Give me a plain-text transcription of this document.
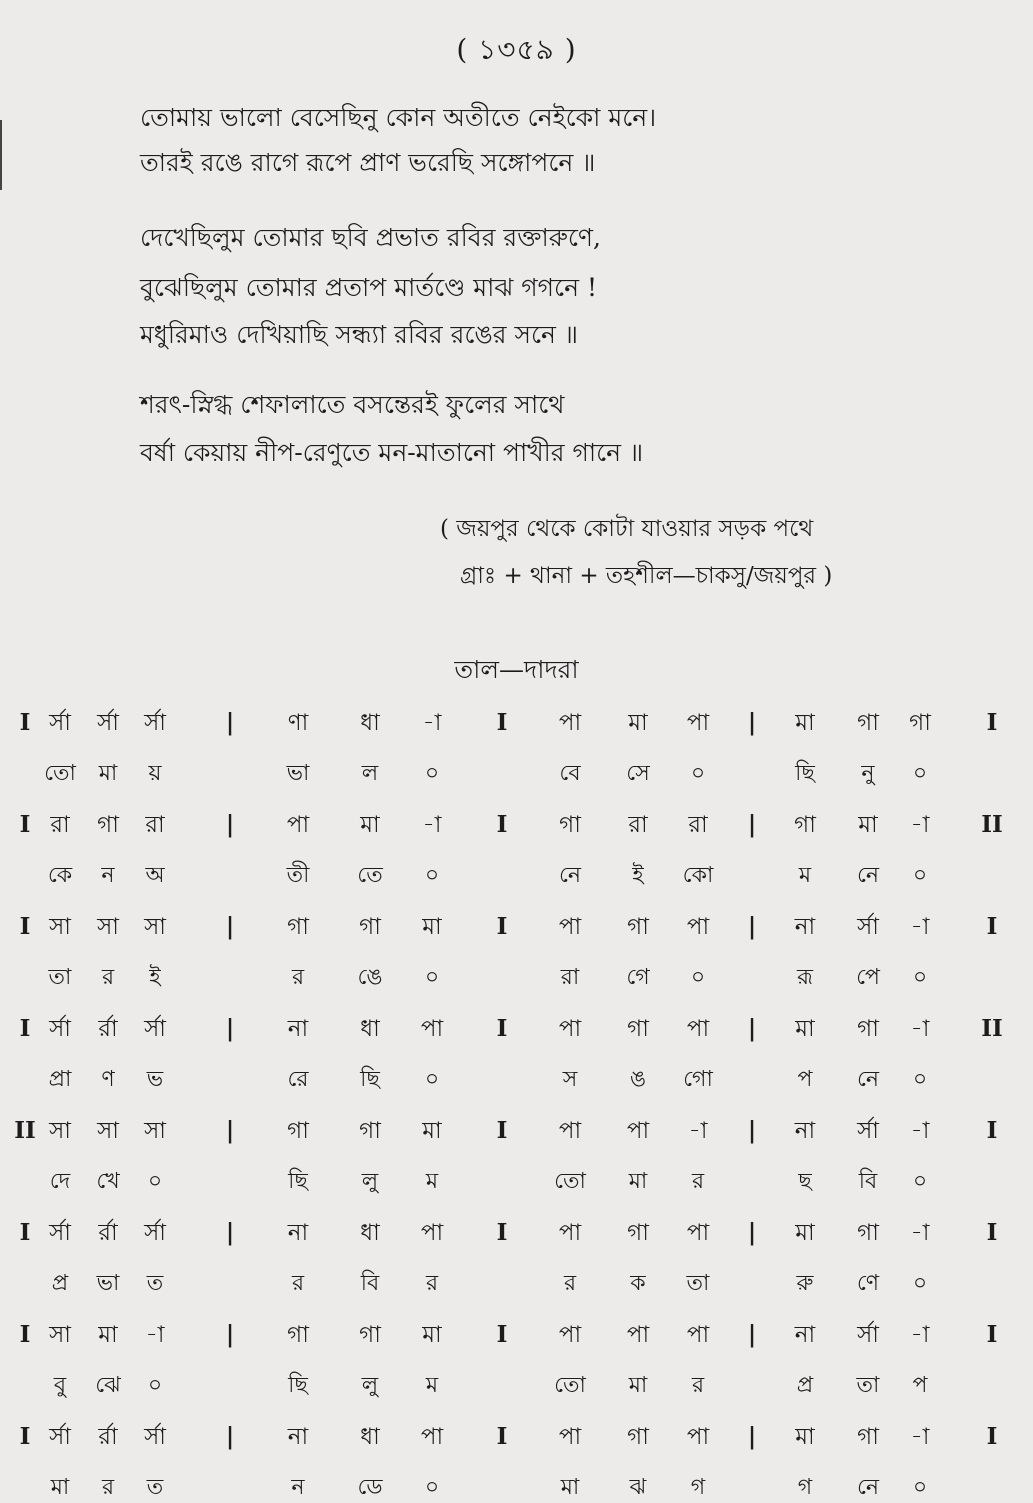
( ১৩৫৯ )
তোমায় ভালো বেসেছিনু কোন অতীতে নেইকো মনে।
তারই রঙে রাগে রূপে প্রাণ ভরেছি সঙ্গোপনে ॥
দেখেছিলুম তোমার ছবি প্রভাত রবির রক্তারুণে,
বুঝেছিলুম তোমার প্রতাপ মার্তণ্ডে মাঝ গগনে !
মধুরিমাও দেখিয়াছি সন্ধ্যা রবির রঙের সনে ॥
শরৎ-স্নিগ্ধ শেফালাতে বসন্তেরই ফুলের সাথে
বর্ষা কেয়ায় নীপ-রেণুতে মন-মাতানো পাখীর গানে ॥
( জয়পুর থেকে কোটা যাওয়ার সড়ক পথে
গ্রাঃ + থানা + তহশীল—চাকসু/জয়পুর )
তাল—দাদরা
I র্সা	র্সা	র্সা	|	ণা	ধা	-া	I	পা	মা	পা	|	মা	গা	গা	I
তো	মা	য়	ভা	ল	০	বে	সে	০	ছি	নু	০
I রা	গা	রা	|	পা	মা	-া	I	গা	রা	রা	|	গা	মা	-া	II
কে	ন	অ	তী	তে	০	নে	ই	কো	ম	নে	০
I সা	সা	সা	|	গা	গা	মা	I	পা	গা	পা	|	না	র্সা	-া	I
তা	র	ই	র	ঙে	০	রা	গে	০	রূ	পে	০
I র্সা	র্রা	র্সা	|	না	ধা	পা	I	পা	গা	পা	|	মা	গা	-া	II
প্রা	ণ	ভ	রে	ছি	০	স	ঙ	গো	প	নে	০
II সা	সা	সা	|	গা	গা	মা	I	পা	পা	-া	|	না	র্সা	-া	I
দে	খে	০	ছি	লু	ম	তো	মা	র	ছ	বি	০
I র্সা	র্রা	র্সা	|	না	ধা	পা	I	পা	গা	পা	|	মা	গা	-া	I
প্র	ভা	ত	র	বি	র	র	ক	তা	রু	ণে	০
I সা	মা	-া	|	গা	গা	মা	I	পা	পা	পা	|	না	র্সা	-া	I
বু	ঝে	০	ছি	লু	ম	তো	মা	র	প্র	তা	প
I র্সা	র্রা	র্সা	|	না	ধা	পা	I	পা	গা	পা	|	মা	গা	-া	I
মা	র	ত	ন	ডে	০	মা	ঝ	গ	গ	নে	০
